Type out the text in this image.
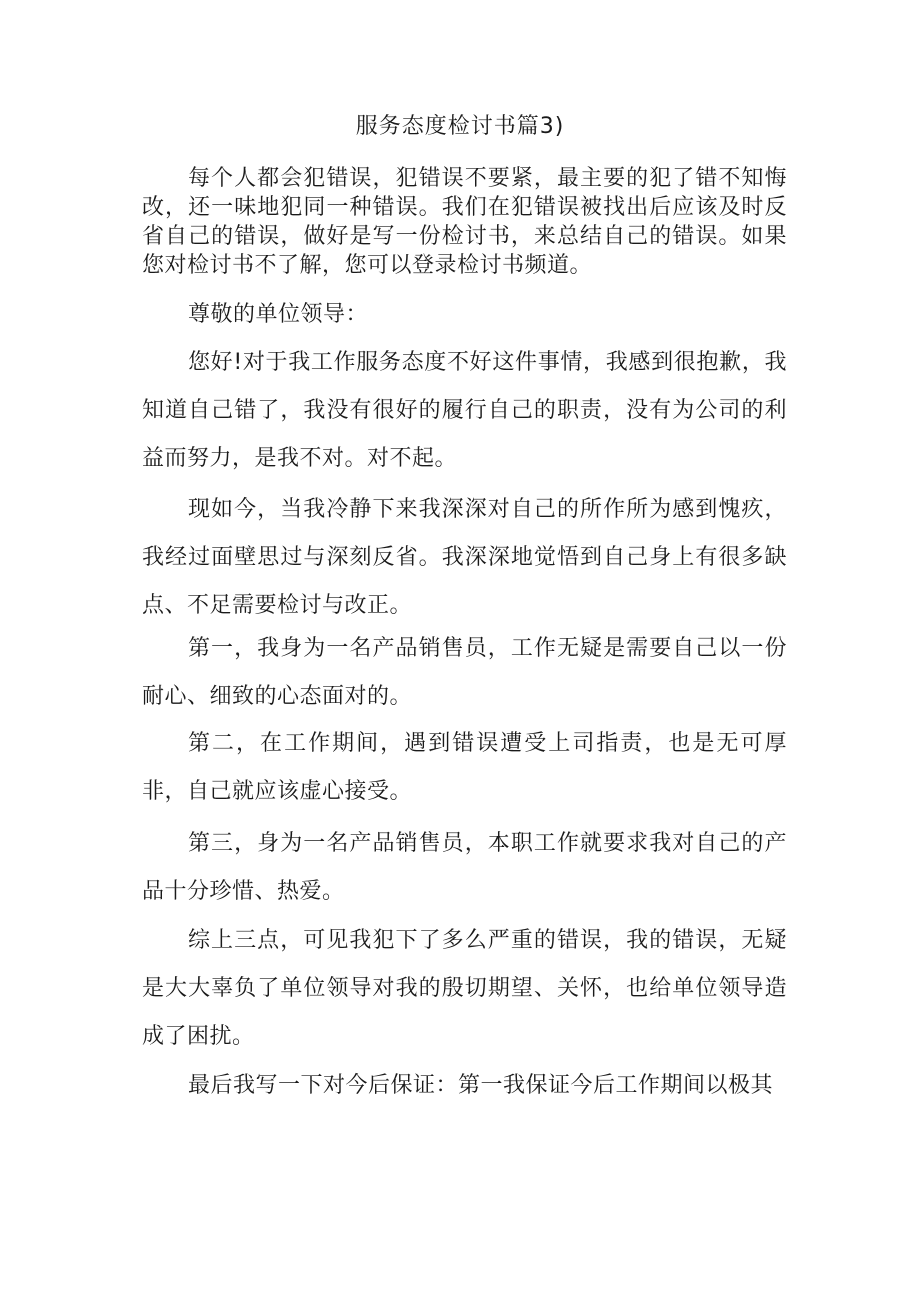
服务态度检讨书篇3)

每个人都会犯错误，犯错误不要紧，最主要的犯了错不知悔改，还一味地犯同一种错误。我们在犯错误被找出后应该及时反省自己的错误，做好是写一份检讨书，来总结自己的错误。如果您对检讨书不了解，您可以登录检讨书频道。

尊敬的单位领导：

您好!对于我工作服务态度不好这件事情，我感到很抱歉，我知道自己错了，我没有很好的履行自己的职责，没有为公司的利益而努力，是我不对。对不起。

现如今，当我冷静下来我深深对自己的所作所为感到愧疚，我经过面壁思过与深刻反省。我深深地觉悟到自己身上有很多缺点、不足需要检讨与改正。

第一，我身为一名产品销售员，工作无疑是需要自己以一份耐心、细致的心态面对的。

第二，在工作期间，遇到错误遭受上司指责，也是无可厚非，自己就应该虚心接受。

第三，身为一名产品销售员，本职工作就要求我对自己的产品十分珍惜、热爱。

综上三点，可见我犯下了多么严重的错误，我的错误，无疑是大大辜负了单位领导对我的殷切期望、关怀，也给单位领导造成了困扰。

最后我写一下对今后保证：第一我保证今后工作期间以极其
